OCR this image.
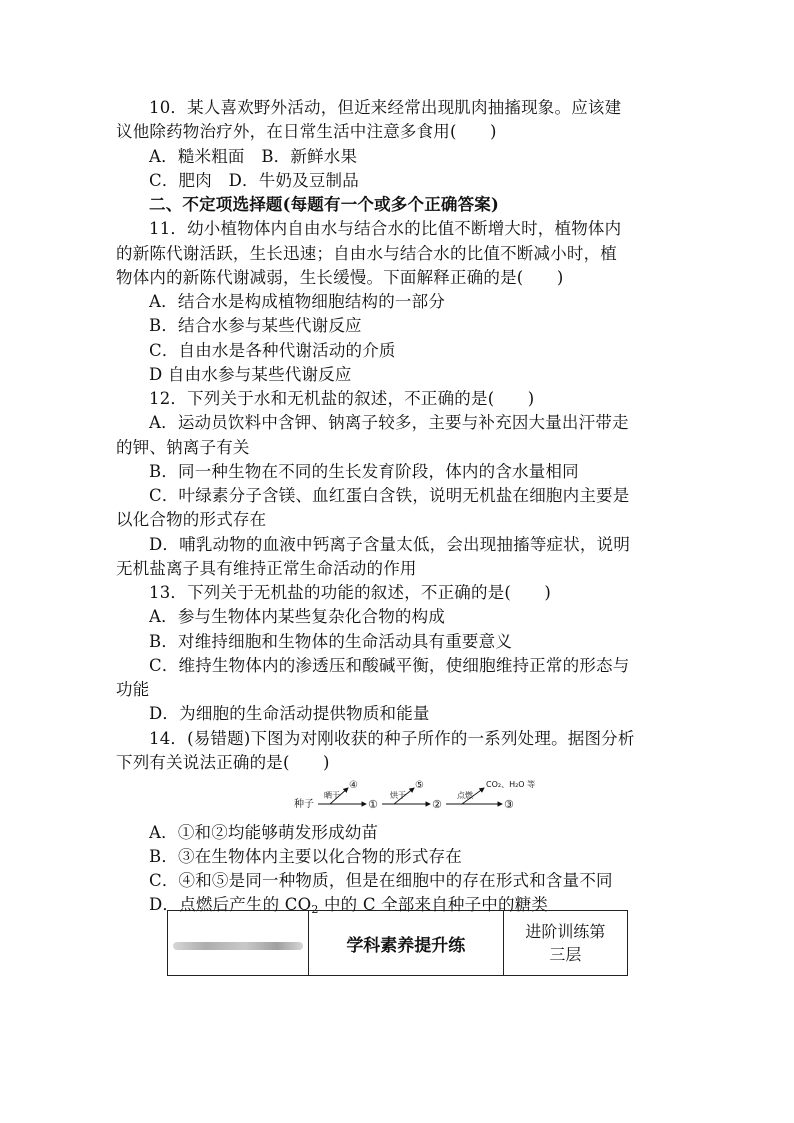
10．某人喜欢野外活动，但近来经常出现肌肉抽搐现象。应该建
议他除药物治疗外，在日常生活中注意多食用(　　)
A．糙米粗面　B．新鲜水果
C．肥肉　D．牛奶及豆制品
二、不定项选择题(每题有一个或多个正确答案)
11．幼小植物体内自由水与结合水的比值不断增大时，植物体内
的新陈代谢活跃，生长迅速；自由水与结合水的比值不断减小时，植
物体内的新陈代谢减弱，生长缓慢。下面解释正确的是(　　)
A．结合水是构成植物细胞结构的一部分
B．结合水参与某些代谢反应
C．自由水是各种代谢活动的介质
D 自由水参与某些代谢反应
12．下列关于水和无机盐的叙述，不正确的是(　　)
A．运动员饮料中含钾、钠离子较多，主要与补充因大量出汗带走
的钾、钠离子有关
B．同一种生物在不同的生长发育阶段，体内的含水量相同
C．叶绿素分子含镁、血红蛋白含铁，说明无机盐在细胞内主要是
以化合物的形式存在
D．哺乳动物的血液中钙离子含量太低，会出现抽搐等症状，说明
无机盐离子具有维持正常生命活动的作用
13．下列关于无机盐的功能的叙述，不正确的是(　　)
A．参与生物体内某些复杂化合物的构成
B．对维持细胞和生物体的生命活动具有重要意义
C．维持生物体内的渗透压和酸碱平衡，使细胞维持正常的形态与
功能
D．为细胞的生命活动提供物质和能量
14．(易错题)下图为对刚收获的种子所作的一系列处理。据图分析
下列有关说法正确的是(　　)
种子
晒干
④
①
烘干
⑤
②
点燃
CO₂、H₂O 等
③
A．①和②均能够萌发形成幼苗
B．③在生物体内主要以化合物的形式存在
C．④和⑤是同一种物质，但是在细胞中的存在形式和含量不同
D．点燃后产生的 $CO_2$ 中的 C 全部来自种子中的糖类
	学科素养提升练	进阶训练第
三层
